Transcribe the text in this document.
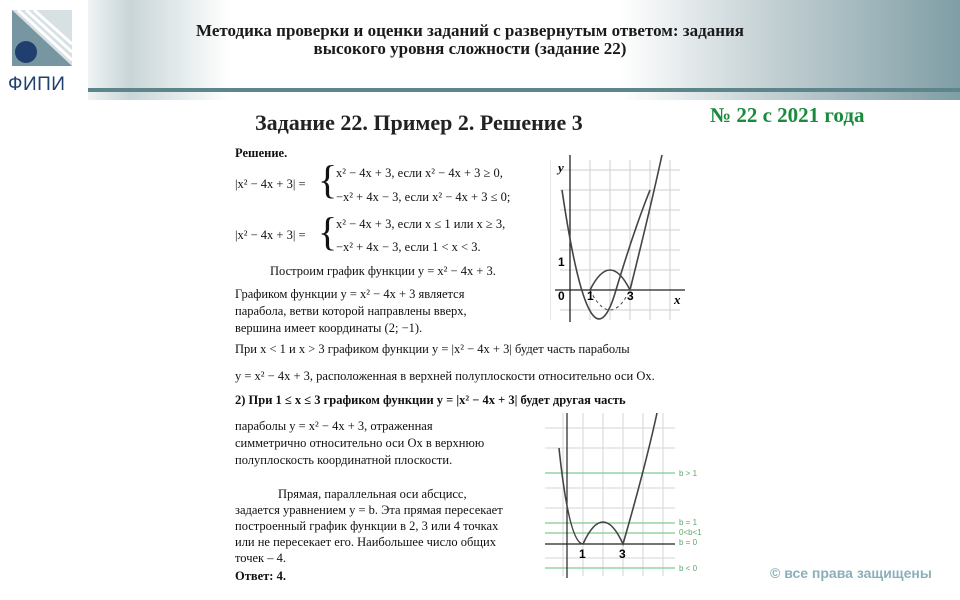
ФИПИ
Методика проверки и оценки заданий с развернутым ответом: задания
высокого уровня сложности (задание 22)
Задание 22. Пример 2. Решение 3	№ 22 с 2021 года
Решение.
|x² − 4x + 3| = {
x² − 4x + 3, если x² − 4x + 3 ≥ 0,
−x² + 4x − 3, если x² − 4x + 3 ≤ 0;
|x² − 4x + 3| = {
x² − 4x + 3, если x ≤ 1 или x ≥ 3,
−x² + 4x − 3, если 1 < x < 3.
Построим график функции y = x² − 4x + 3.
Графиком функции y = x² − 4x + 3 является
парабола, ветви которой направлены вверх,
вершина имеет координаты (2; −1).
При x < 1 и x > 3 графиком функции y = |x² − 4x + 3| будет часть параболы
y = x² − 4x + 3, расположенная в верхней полуплоскости относительно оси Ox.
2) При 1 ≤ x ≤ 3 графиком функции y = |x² − 4x + 3| будет другая часть
параболы y = x² − 4x + 3, отраженная
симметрично относительно оси Ox в верхнюю
полуплоскость координатной плоскости.
Прямая, параллельная оси абсцисс,
задается уравнением y = b. Эта прямая пересекает
построенный график функции в 2, 3 или 4 точках
или не пересекает его. Наибольшее число общих
точек – 4.
Ответ: 4.
y
x
1
0 1	3
1	3
b > 1
b = 1
0<b<1
b = 0
b < 0	© все права защищены
